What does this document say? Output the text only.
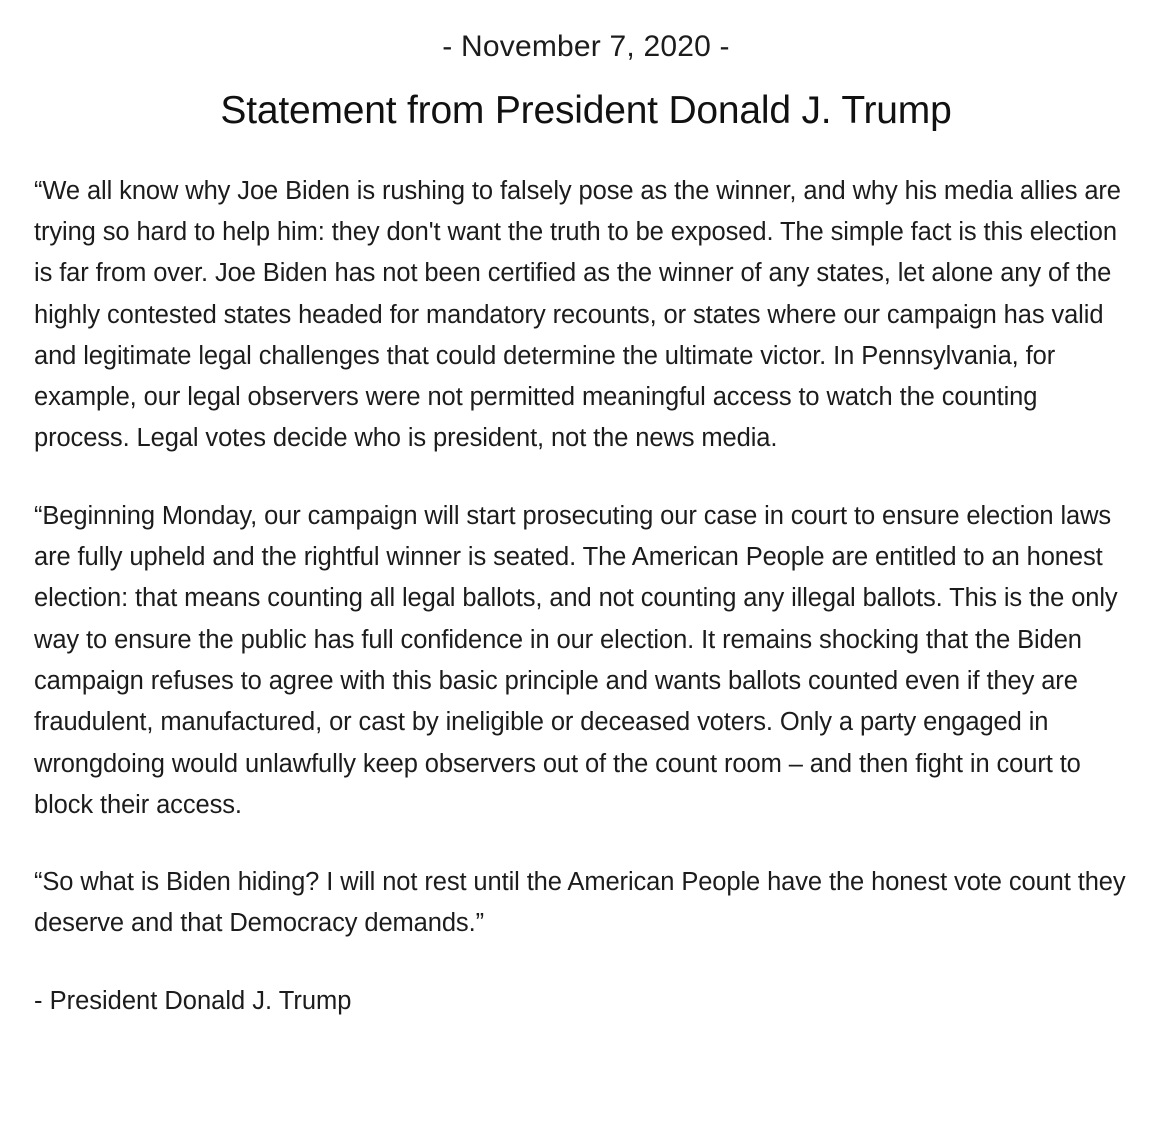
- November 7, 2020 -
Statement from President Donald J. Trump

“We all know why Joe Biden is rushing to falsely pose as the winner, and why his media allies are trying so hard to help him: they don't want the truth to be exposed. The simple fact is this election is far from over. Joe Biden has not been certified as the winner of any states, let alone any of the highly contested states headed for mandatory recounts, or states where our campaign has valid and legitimate legal challenges that could determine the ultimate victor. In Pennsylvania, for example, our legal observers were not permitted meaningful access to watch the counting process. Legal votes decide who is president, not the news media.

“Beginning Monday, our campaign will start prosecuting our case in court to ensure election laws are fully upheld and the rightful winner is seated. The American People are entitled to an honest election: that means counting all legal ballots, and not counting any illegal ballots. This is the only way to ensure the public has full confidence in our election. It remains shocking that the Biden campaign refuses to agree with this basic principle and wants ballots counted even if they are fraudulent, manufactured, or cast by ineligible or deceased voters. Only a party engaged in wrongdoing would unlawfully keep observers out of the count room – and then fight in court to block their access.

“So what is Biden hiding? I will not rest until the American People have the honest vote count they deserve and that Democracy demands.”

- President Donald J. Trump
